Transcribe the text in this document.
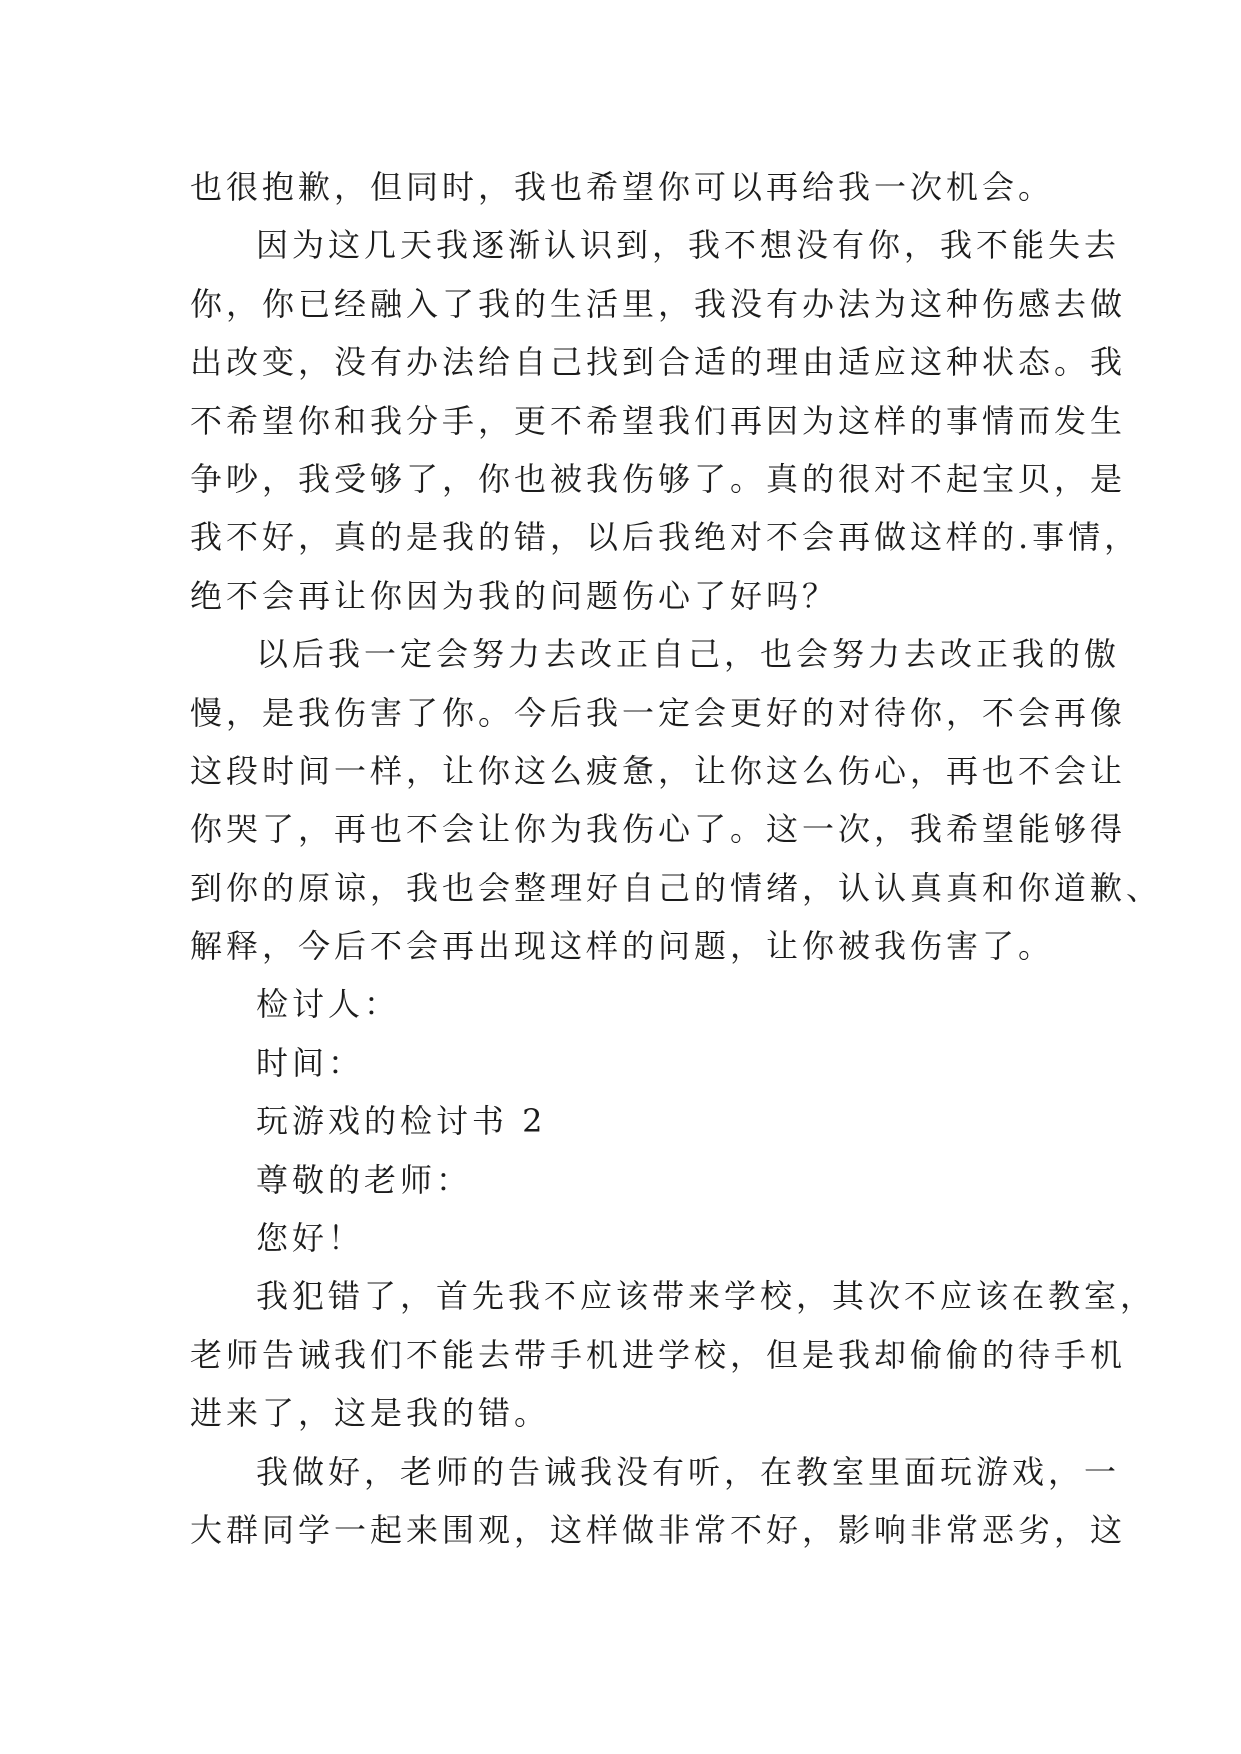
也很抱歉，但同时，我也希望你可以再给我一次机会。
因为这几天我逐渐认识到，我不想没有你，我不能失去
你，你已经融入了我的生活里，我没有办法为这种伤感去做
出改变，没有办法给自己找到合适的理由适应这种状态。我
不希望你和我分手，更不希望我们再因为这样的事情而发生
争吵，我受够了，你也被我伤够了。真的很对不起宝贝，是
我不好，真的是我的错，以后我绝对不会再做这样的.事情，
绝不会再让你因为我的问题伤心了好吗？
以后我一定会努力去改正自己，也会努力去改正我的傲
慢，是我伤害了你。今后我一定会更好的对待你，不会再像
这段时间一样，让你这么疲惫，让你这么伤心，再也不会让
你哭了，再也不会让你为我伤心了。这一次，我希望能够得
到你的原谅，我也会整理好自己的情绪，认认真真和你道歉、
解释，今后不会再出现这样的问题，让你被我伤害了。
检讨人：
时间：
玩游戏的检讨书 2
尊敬的老师：
您好！
我犯错了，首先我不应该带来学校，其次不应该在教室，
老师告诫我们不能去带手机进学校，但是我却偷偷的待手机
进来了，这是我的错。
我做好，老师的告诫我没有听，在教室里面玩游戏，一
大群同学一起来围观，这样做非常不好，影响非常恶劣，这
